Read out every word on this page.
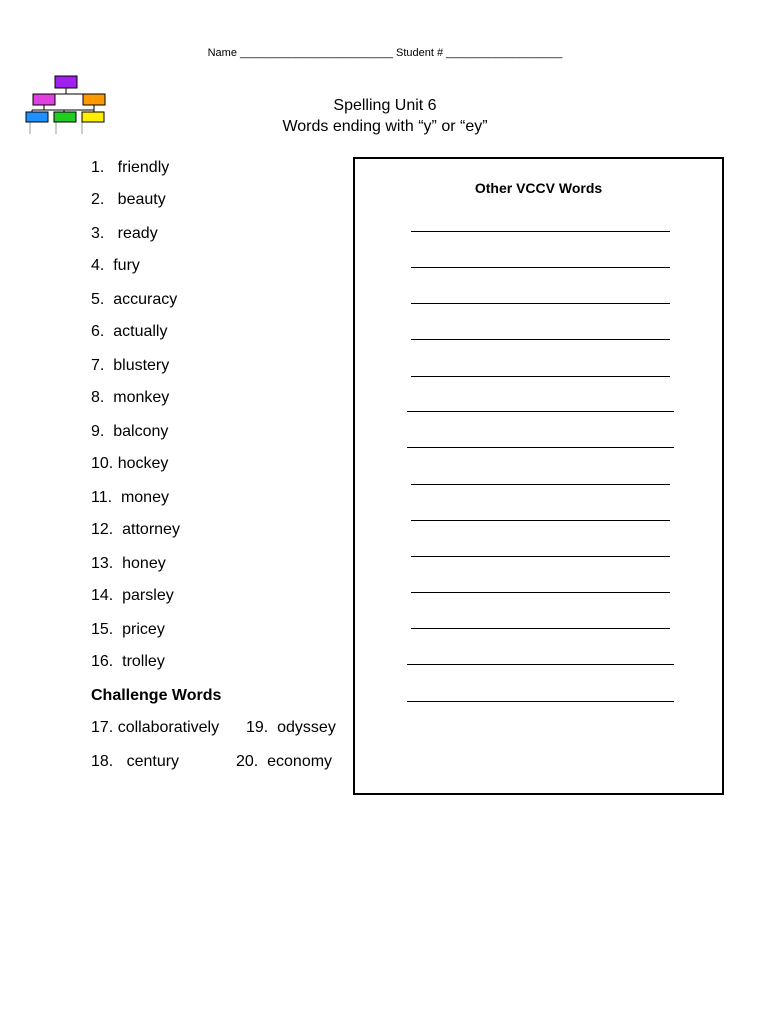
Name _________________________ Student # ___________________
Spelling Unit 6
Words ending with “y” or “ey”
1.   friendly
2.   beauty
3.   ready
4.  fury
5.  accuracy
6.  actually
7.  blustery
8.  monkey
9.  balcony
10. hockey
11.  money
12.  attorney
13.  honey
14.  parsley
15.  pricey
16.  trolley
Challenge Words
17. collaboratively 19.  odyssey
18.   century	20.  economy
Other VCCV Words
